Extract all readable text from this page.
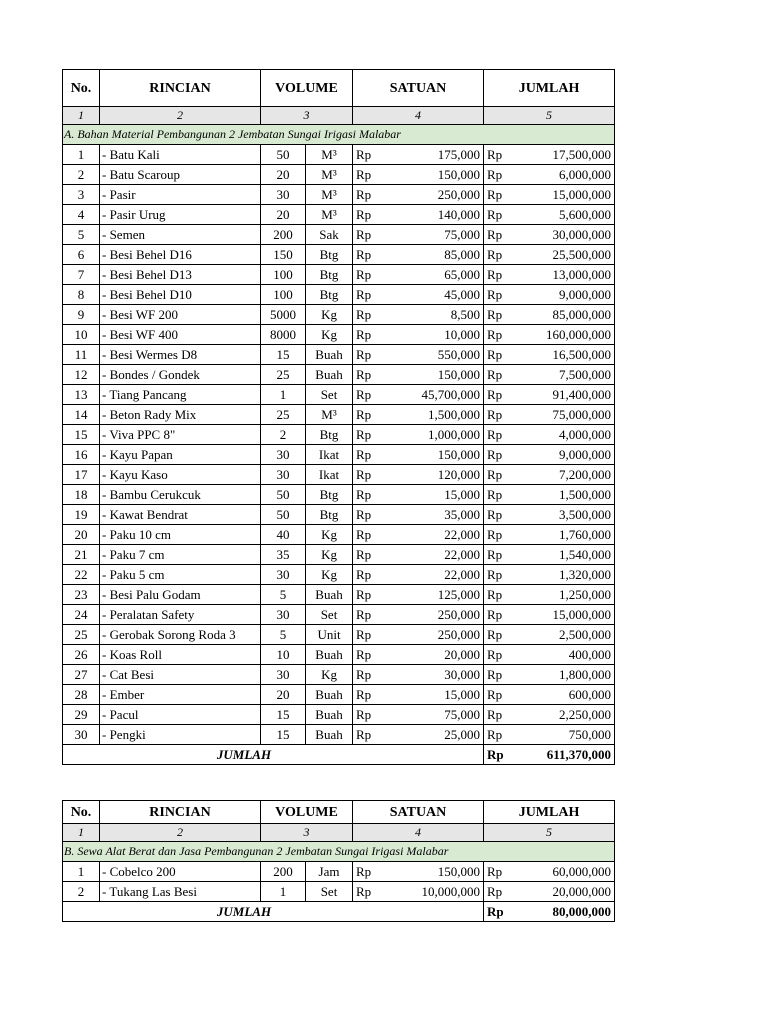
No.	RINCIAN	VOLUME		SATUAN		JUMLAH	
1	2	3		4		5	
A. Bahan Material Pembangunan 2 Jembatan Sungai Irigasi Malabar							
1	- Batu Kali	50	M³	Rp	175,000	Rp	17,500,000
2	- Batu Scaroup	20	M³	Rp	150,000	Rp	6,000,000
3	- Pasir	30	M³	Rp	250,000	Rp	15,000,000
4	- Pasir Urug	20	M³	Rp	140,000	Rp	5,600,000
5	- Semen	200	Sak	Rp	75,000	Rp	30,000,000
6	- Besi Behel D16	150	Btg	Rp	85,000	Rp	25,500,000
7	- Besi Behel D13	100	Btg	Rp	65,000	Rp	13,000,000
8	- Besi Behel D10	100	Btg	Rp	45,000	Rp	9,000,000
9	- Besi WF 200	5000	Kg	Rp	8,500	Rp	85,000,000
10	- Besi WF 400	8000	Kg	Rp	10,000	Rp	160,000,000
11	- Besi Wermes D8	15	Buah	Rp	550,000	Rp	16,500,000
12	- Bondes / Gondek	25	Buah	Rp	150,000	Rp	7,500,000
13	- Tiang Pancang	1	Set	Rp	45,700,000	Rp	91,400,000
14	- Beton Rady Mix	25	M³	Rp	1,500,000	Rp	75,000,000
15	- Viva PPC 8"	2	Btg	Rp	1,000,000	Rp	4,000,000
16	- Kayu Papan	30	Ikat	Rp	150,000	Rp	9,000,000
17	- Kayu Kaso	30	Ikat	Rp	120,000	Rp	7,200,000
18	- Bambu Cerukcuk	50	Btg	Rp	15,000	Rp	1,500,000
19	- Kawat Bendrat	50	Btg	Rp	35,000	Rp	3,500,000
20	- Paku 10 cm	40	Kg	Rp	22,000	Rp	1,760,000
21	- Paku 7 cm	35	Kg	Rp	22,000	Rp	1,540,000
22	- Paku 5 cm	30	Kg	Rp	22,000	Rp	1,320,000
23	- Besi Palu Godam	5	Buah	Rp	125,000	Rp	1,250,000
24	- Peralatan Safety	30	Set	Rp	250,000	Rp	15,000,000
25	- Gerobak Sorong Roda 3	5	Unit	Rp	250,000	Rp	2,500,000
26	- Koas Roll	10	Buah	Rp	20,000	Rp	400,000
27	- Cat Besi	30	Kg	Rp	30,000	Rp	1,800,000
28	- Ember	20	Buah	Rp	15,000	Rp	600,000
29	- Pacul	15	Buah	Rp	75,000	Rp	2,250,000
30	- Pengki	15	Buah	Rp	25,000	Rp	750,000
JUMLAH						Rp	611,370,000
No.	RINCIAN	VOLUME		SATUAN		JUMLAH	
1	2	3		4		5	
B. Sewa Alat Berat dan Jasa Pembangunan 2 Jembatan Sungai Irigasi Malabar							
1	- Cobelco 200	200	Jam	Rp	150,000	Rp	60,000,000
2	- Tukang Las Besi	1	Set	Rp	10,000,000	Rp	20,000,000
JUMLAH						Rp	80,000,000
